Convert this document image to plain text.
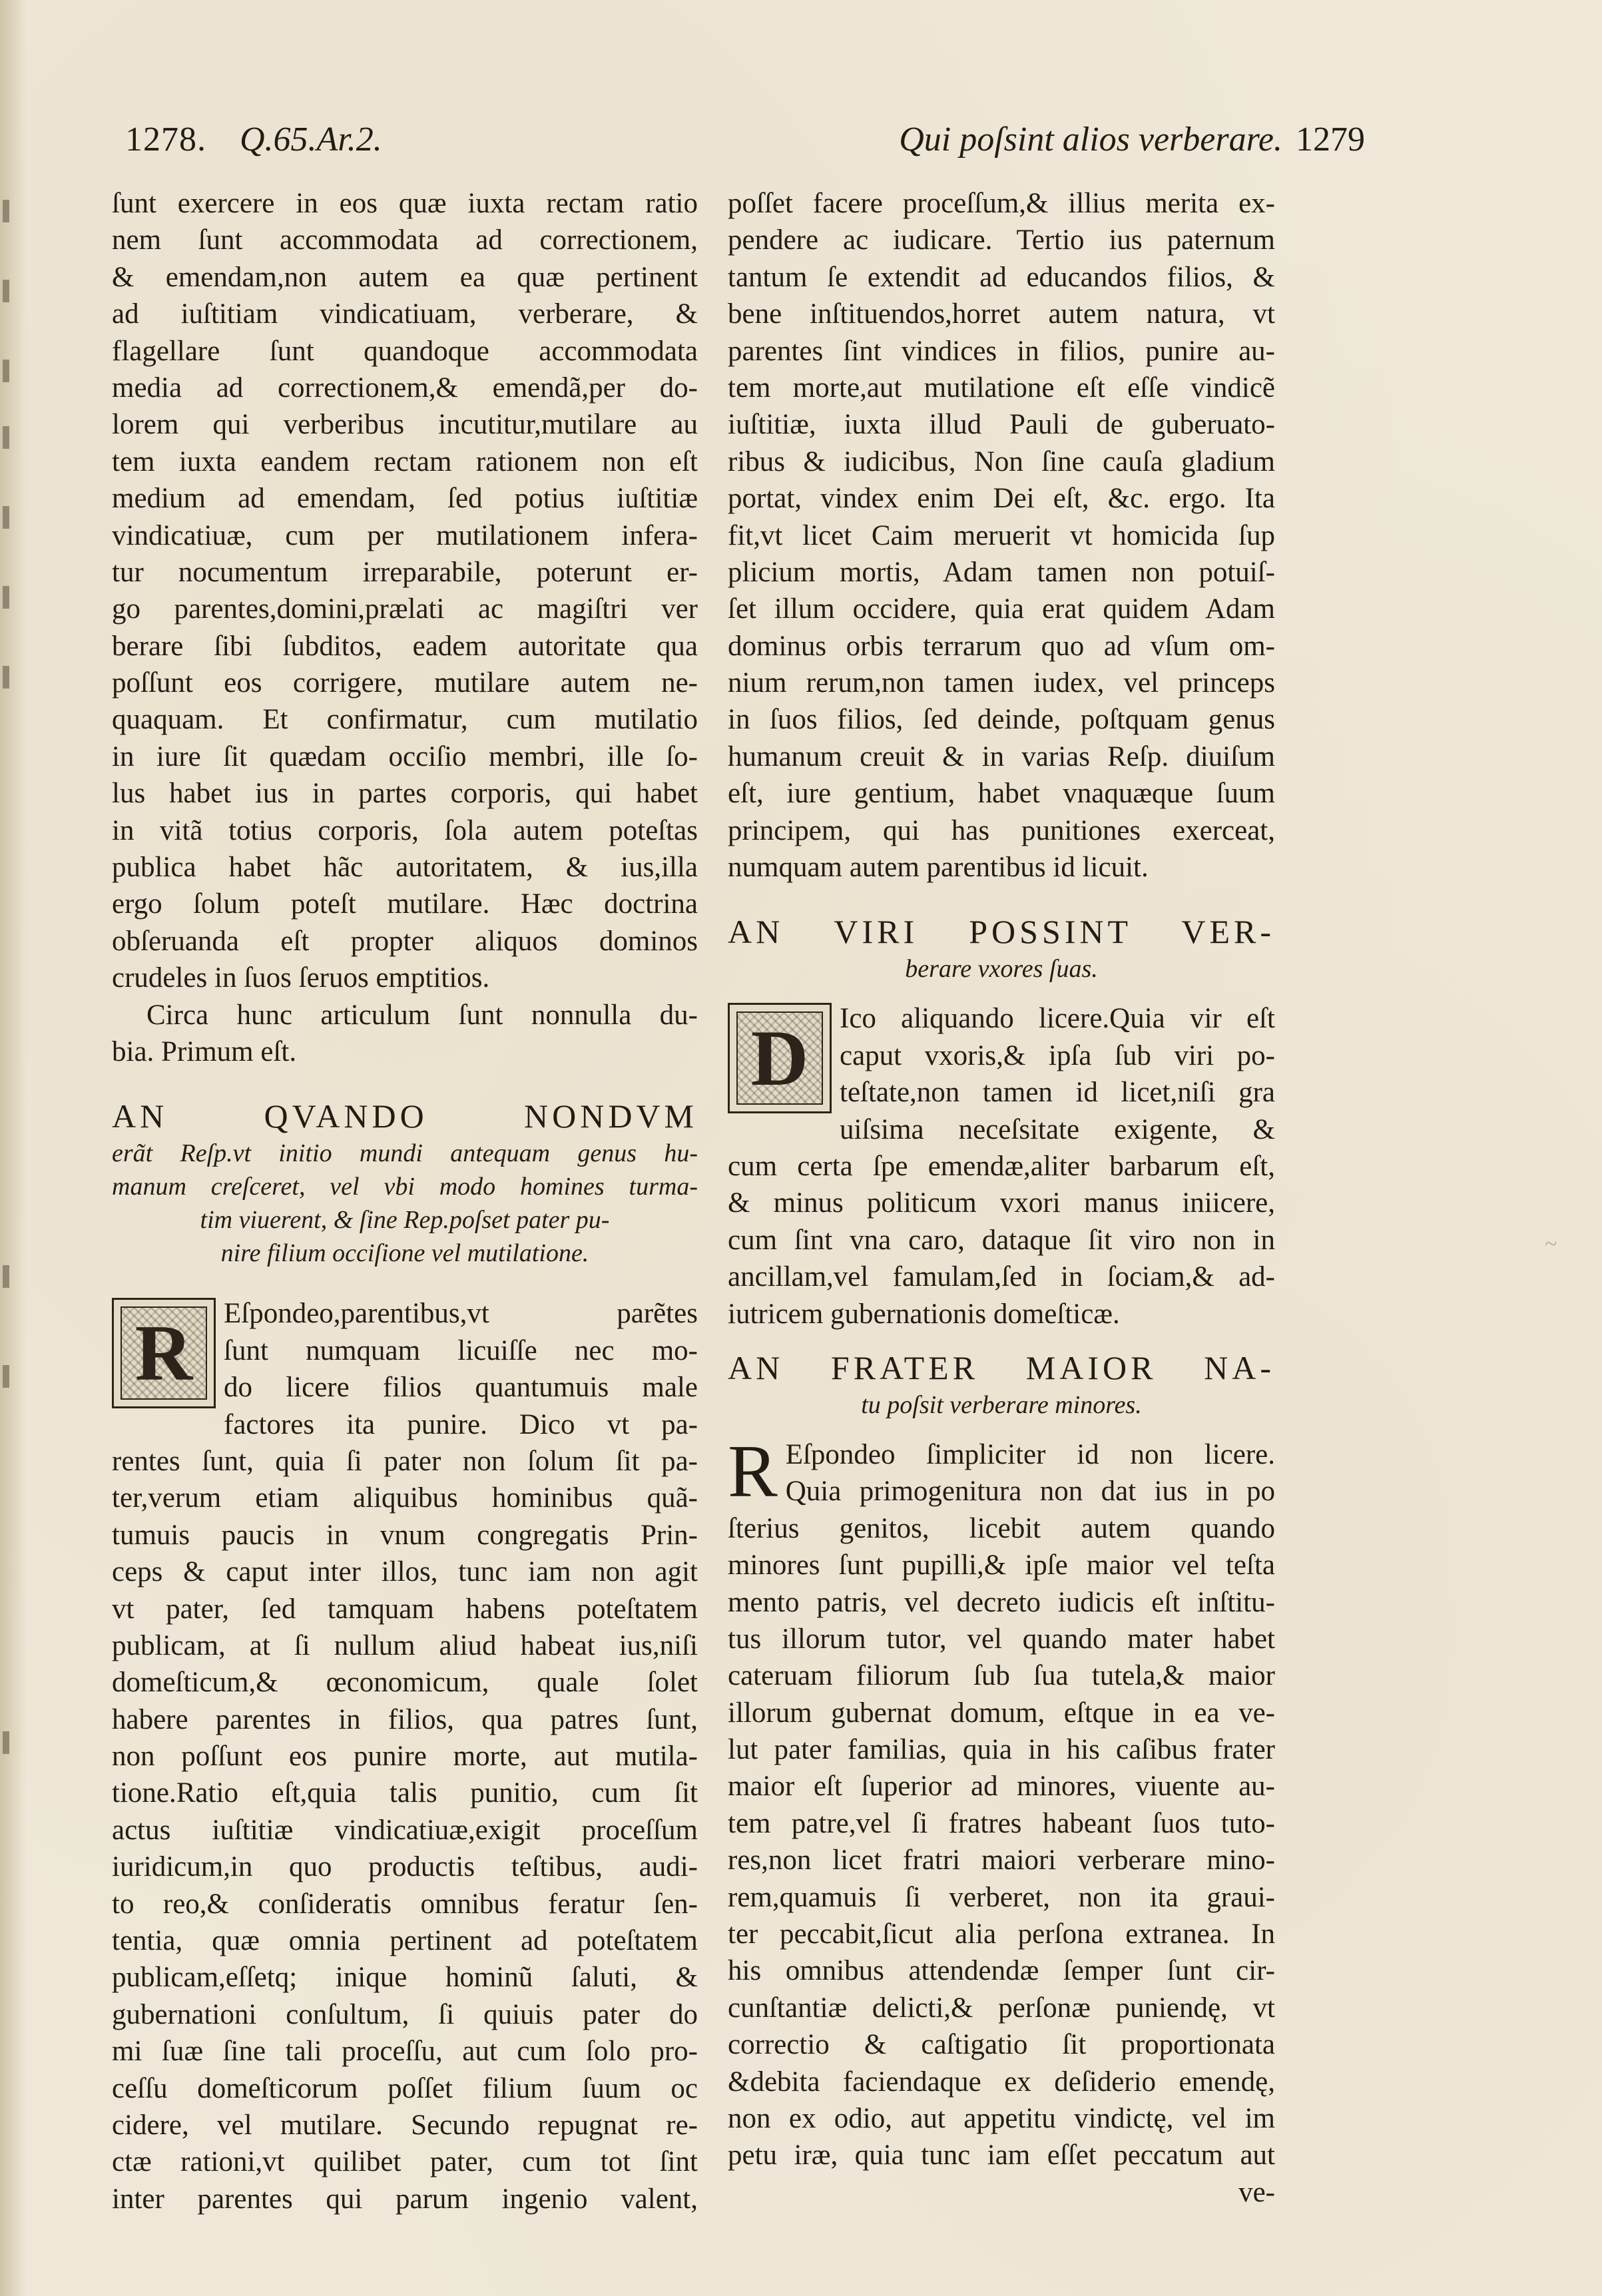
~
1278. Q.65.Ar.2.	Qui poſsint alios verberare. 1279
ſunt exercere in eos quæ iuxta rectam ratio
nem ſunt accommodata ad correctionem,
& emendam,non autem ea quæ pertinent
ad iuſtitiam vindicatiuam, verberare, &
flagellare ſunt quandoque accommodata
media ad correctionem,& emendã,per do-
lorem qui verberibus incutitur,mutilare au
tem iuxta eandem rectam rationem non eſt
medium ad emendam, ſed potius iuſtitiæ
vindicatiuæ, cum per mutilationem infera-
tur nocumentum irreparabile, poterunt er-
go parentes,domini,prælati ac magiſtri ver
berare ſibi ſubditos, eadem autoritate qua
poſſunt eos corrigere, mutilare autem ne-
quaquam. Et confirmatur, cum mutilatio
in iure ſit quædam occiſio membri, ille ſo-
lus habet ius in partes corporis, qui habet
in vitã totius corporis, ſola autem poteſtas
publica habet hãc autoritatem, & ius,illa
ergo ſolum poteſt mutilare. Hæc doctrina
obſeruanda eſt propter aliquos dominos
crudeles in ſuos ſeruos emptitios.
Circa hunc articulum ſunt nonnulla du-
bia. Primum eſt.
AN QVANDO NONDVM
erãt Reſp.vt initio mundi antequam genus hu-
manum creſceret, vel vbi modo homines turma-
tim viuerent, & ſine Rep.poſset pater pu-
nire filium occiſione vel mutilatione.
R	Eſpondeo,parentibus,vt parẽtes
ſunt numquam licuiſſe nec mo-
do licere filios quantumuis male
factores ita punire. Dico vt pa-
rentes ſunt, quia ſi pater non ſolum ſit pa-
ter,verum etiam aliquibus hominibus quã-
tumuis paucis in vnum congregatis Prin-
ceps & caput inter illos, tunc iam non agit
vt pater, ſed tamquam habens poteſtatem
publicam, at ſi nullum aliud habeat ius,niſi
domeſticum,& œconomicum, quale ſolet
habere parentes in filios, qua patres ſunt,
non poſſunt eos punire morte, aut mutila-
tione.Ratio eſt,quia talis punitio, cum ſit
actus iuſtitiæ vindicatiuæ,exigit proceſſum
iuridicum,in quo productis teſtibus, audi-
to reo,& conſideratis omnibus feratur ſen-
tentia, quæ omnia pertinent ad poteſtatem
publicam,eſſetq; inique hominũ ſaluti, &
gubernationi conſultum, ſi quiuis pater do
mi ſuæ ſine tali proceſſu, aut cum ſolo pro-
ceſſu domeſticorum poſſet filium ſuum oc
cidere, vel mutilare. Secundo repugnat re-
ctæ rationi,vt quilibet pater, cum tot ſint
inter parentes qui parum ingenio valent,
poſſet facere proceſſum,& illius merita ex-
pendere ac iudicare. Tertio ius paternum
tantum ſe extendit ad educandos filios, &
bene inſtituendos,horret autem natura, vt
parentes ſint vindices in filios, punire au-
tem morte,aut mutilatione eſt eſſe vindicẽ
iuſtitiæ, iuxta illud Pauli de guberuato-
ribus & iudicibus, Non ſine cauſa gladium
portat, vindex enim Dei eſt, &c. ergo. Ita
fit,vt licet Caim meruerit vt homicida ſup
plicium mortis, Adam tamen non potuiſ-
ſet illum occidere, quia erat quidem Adam
dominus orbis terrarum quo ad vſum om-
nium rerum,non tamen iudex, vel princeps
in ſuos filios, ſed deinde, poſtquam genus
humanum creuit & in varias Reſp. diuiſum
eſt, iure gentium, habet vnaquæque ſuum
principem, qui has punitiones exerceat,
numquam autem parentibus id licuit.
AN VIRI POSSINT VER-
berare vxores ſuas.
D	Ico aliquando licere.Quia vir eſt
caput vxoris,& ipſa ſub viri po-
teſtate,non tamen id licet,niſi gra
uiſsima neceſsitate exigente, &
cum certa ſpe emendæ,aliter barbarum eſt,
& minus politicum vxori manus iniicere,
cum ſint vna caro, dataque ſit viro non in
ancillam,vel famulam,ſed in ſociam,& ad-
iutricem gubernationis domeſticæ.
AN FRATER MAIOR NA-
tu poſsit verberare minores.
R Eſpondeo ſimpliciter id non licere.
Quia primogenitura non dat ius in po
ſterius genitos, licebit autem quando
minores ſunt pupilli,& ipſe maior vel teſta
mento patris, vel decreto iudicis eſt inſtitu-
tus illorum tutor, vel quando mater habet
cateruam filiorum ſub ſua tutela,& maior
illorum gubernat domum, eſtque in ea ve-
lut pater familias, quia in his caſibus frater
maior eſt ſuperior ad minores, viuente au-
tem patre,vel ſi fratres habeant ſuos tuto-
res,non licet fratri maiori verberare mino-
rem,quamuis ſi verberet, non ita graui-
ter peccabit,ſicut alia perſona extranea. In
his omnibus attendendæ ſemper ſunt cir-
cunſtantiæ delicti,& perſonæ puniendę, vt
correctio & caſtigatio ſit proportionata
&debita faciendaque ex deſiderio emendę,
non ex odio, aut appetitu vindictę, vel im
petu iræ, quia tunc iam eſſet peccatum aut
ve-
